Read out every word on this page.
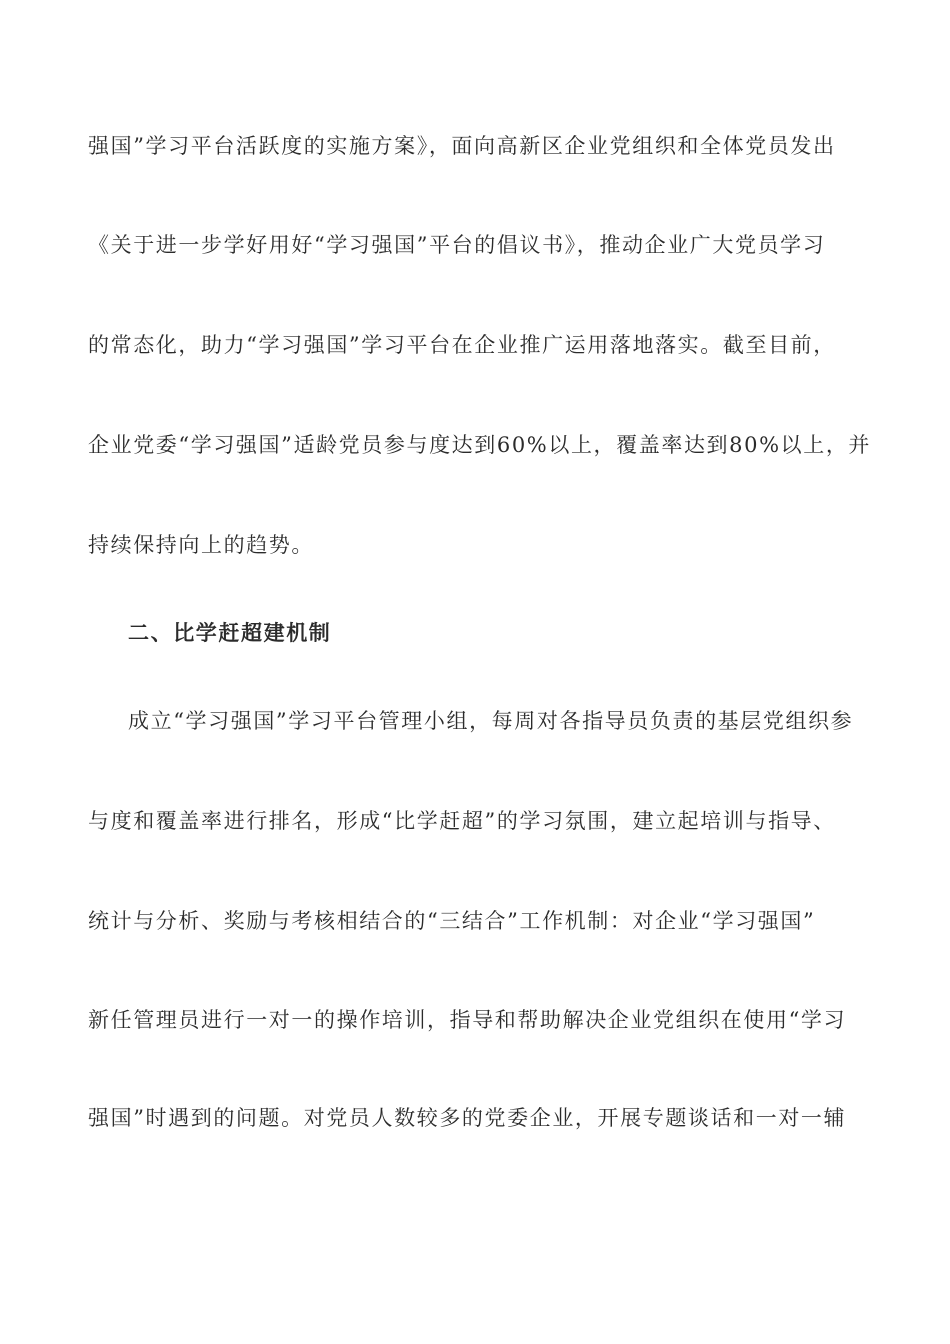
强国”学习平台活跃度的实施方案》，面向高新区企业党组织和全体党员发出
《关于进一步学好用好“学习强国”平台的倡议书》，推动企业广大党员学习
的常态化，助力“学习强国”学习平台在企业推广运用落地落实。截至目前，
企业党委“学习强国”适龄党员参与度达到60%以上，覆盖率达到80%以上，并
持续保持向上的趋势。
二、比学赶超建机制
成立“学习强国”学习平台管理小组，每周对各指导员负责的基层党组织参
与度和覆盖率进行排名，形成“比学赶超”的学习氛围，建立起培训与指导、
统计与分析、奖励与考核相结合的“三结合”工作机制：对企业“学习强国”
新任管理员进行一对一的操作培训，指导和帮助解决企业党组织在使用“学习
强国”时遇到的问题。对党员人数较多的党委企业，开展专题谈话和一对一辅
